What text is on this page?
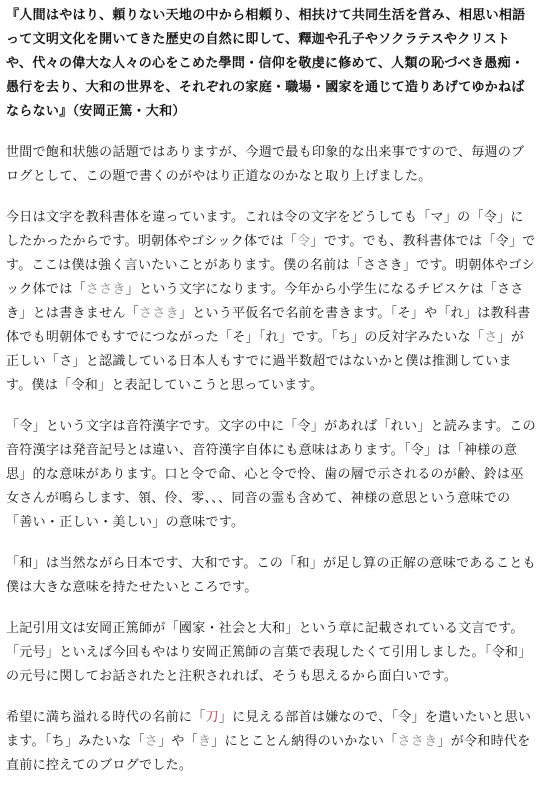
『人間はやはり、頼りない天地の中から相頼り、相扶けて共同生活を営み、相思い相語って文明文化を開いてきた歴史の自然に即して、釋迦や孔子やソクラテスやクリストや、代々の偉大な人々の心をこめた學問・信仰を敬虔に修めて、人類の恥づべき愚痴・愚行を去り、大和の世界を、それぞれの家庭・職場・國家を通じて造りあげてゆかねばならない』（安岡正篤・大和）

世間で飽和状態の話題ではありますが、今週で最も印象的な出来事ですので、毎週のブログとして、この題で書くのがやはり正道なのかなと取り上げました。

今日は文字を教科書体を違っています。これは令の文字をどうしても「マ」の「令」にしたかったからです。明朝体やゴシック体では「令」です。でも、教科書体では「令」です。ここは僕は強く言いたいことがあります。僕の名前は「ささき」です。明朝体やゴシック体では「ささき」という文字になります。今年から小学生になるチビスケは「ささき」とは書きません「ささき」という平仮名で名前を書きます。「そ」や「れ」は教科書体でも明朝体でもすでにつながった「そ」「れ」です。「ち」の反対字みたいな「さ」が正しい「さ」と認識している日本人もすでに過半数超ではないかと僕は推測しています。僕は「令和」と表記していこうと思っています。

「令」という文字は音符漢字です。文字の中に「令」があれば「れい」と読みます。この音符漢字は発音記号とは違い、音符漢字自体にも意味はあります。「令」は「神様の意思」的な意味があります。口と令で命、心と令で怜、歯の層で示されるのが齢、鈴は巫女さんが鳴らします、領、伶、零、、、同音の霊も含めて、神様の意思という意味での「善い・正しい・美しい」の意味です。

「和」は当然ながら日本です、大和です。この「和」が足し算の正解の意味であることも僕は大きな意味を持たせたいところです。

上記引用文は安岡正篤師が「國家・社会と大和」という章に記載されている文言です。「元号」といえば今回もやはり安岡正篤師の言葉で表現したくて引用しました。「令和」の元号に関してお話されたと注釈されれば、そうも思えるから面白いです。

希望に満ち溢れる時代の名前に「刀」に見える部首は嫌なので、「令」を遣いたいと思います。「ち」みたいな「さ」や「き」にとことん納得のいかない「ささき」が令和時代を直前に控えてのブログでした。
